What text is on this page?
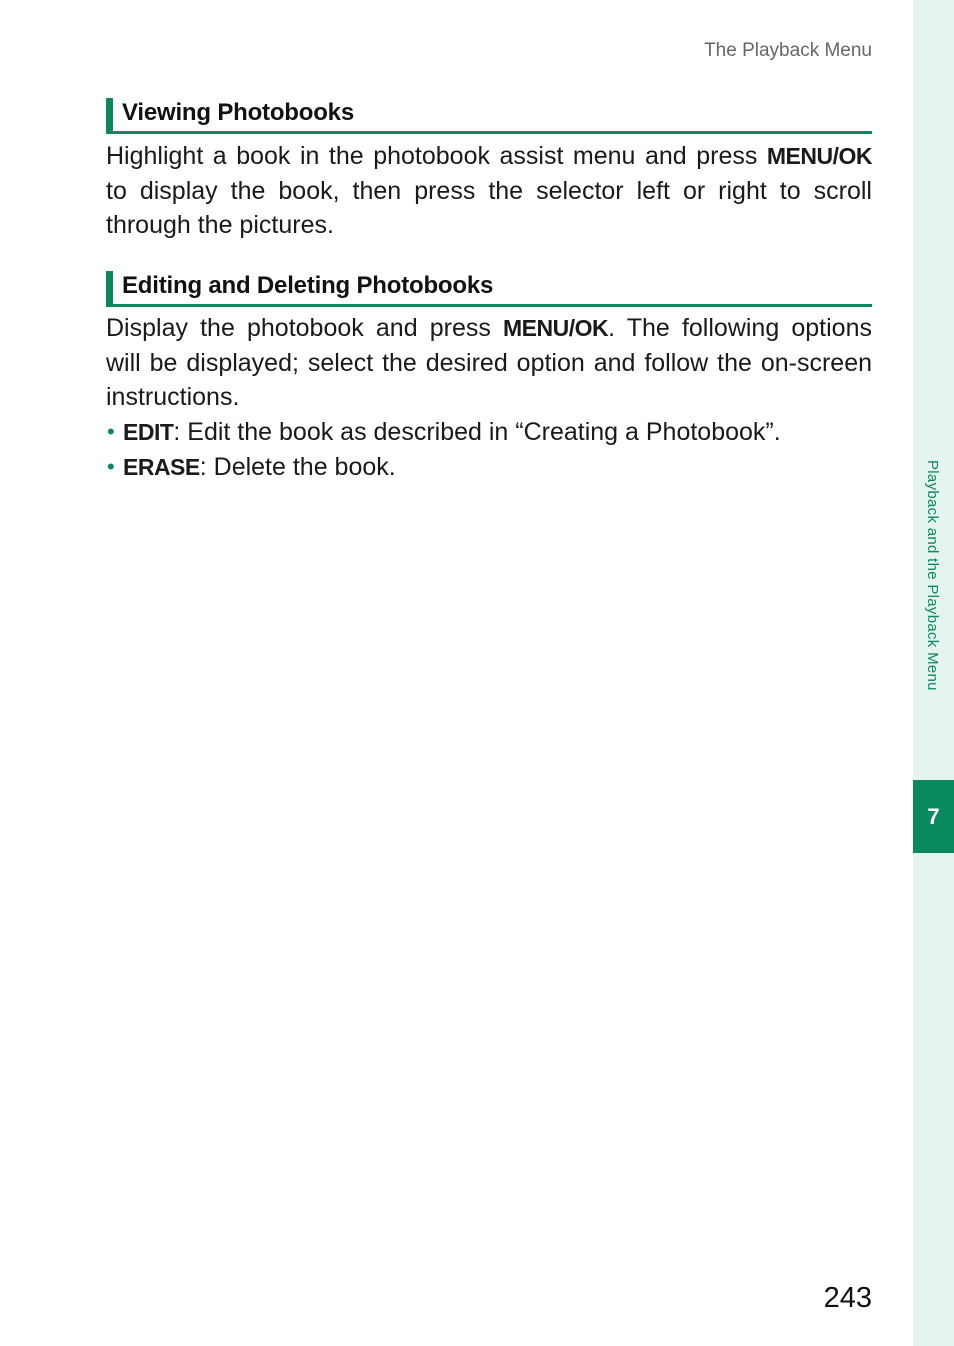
Playback and the Playback Menu
7
The Playback Menu
Viewing Photobooks
Highlight a book in the photobook assist menu and press MENU/OK to display the book, then press the selector left or right to scroll through the pictures.
Editing and Deleting Photobooks
Display the photobook and press MENU/OK. The following options will be displayed; select the desired option and follow the on-screen instructions.
• EDIT: Edit the book as described in “Creating a Photobook”.
• ERASE: Delete the book.
243
